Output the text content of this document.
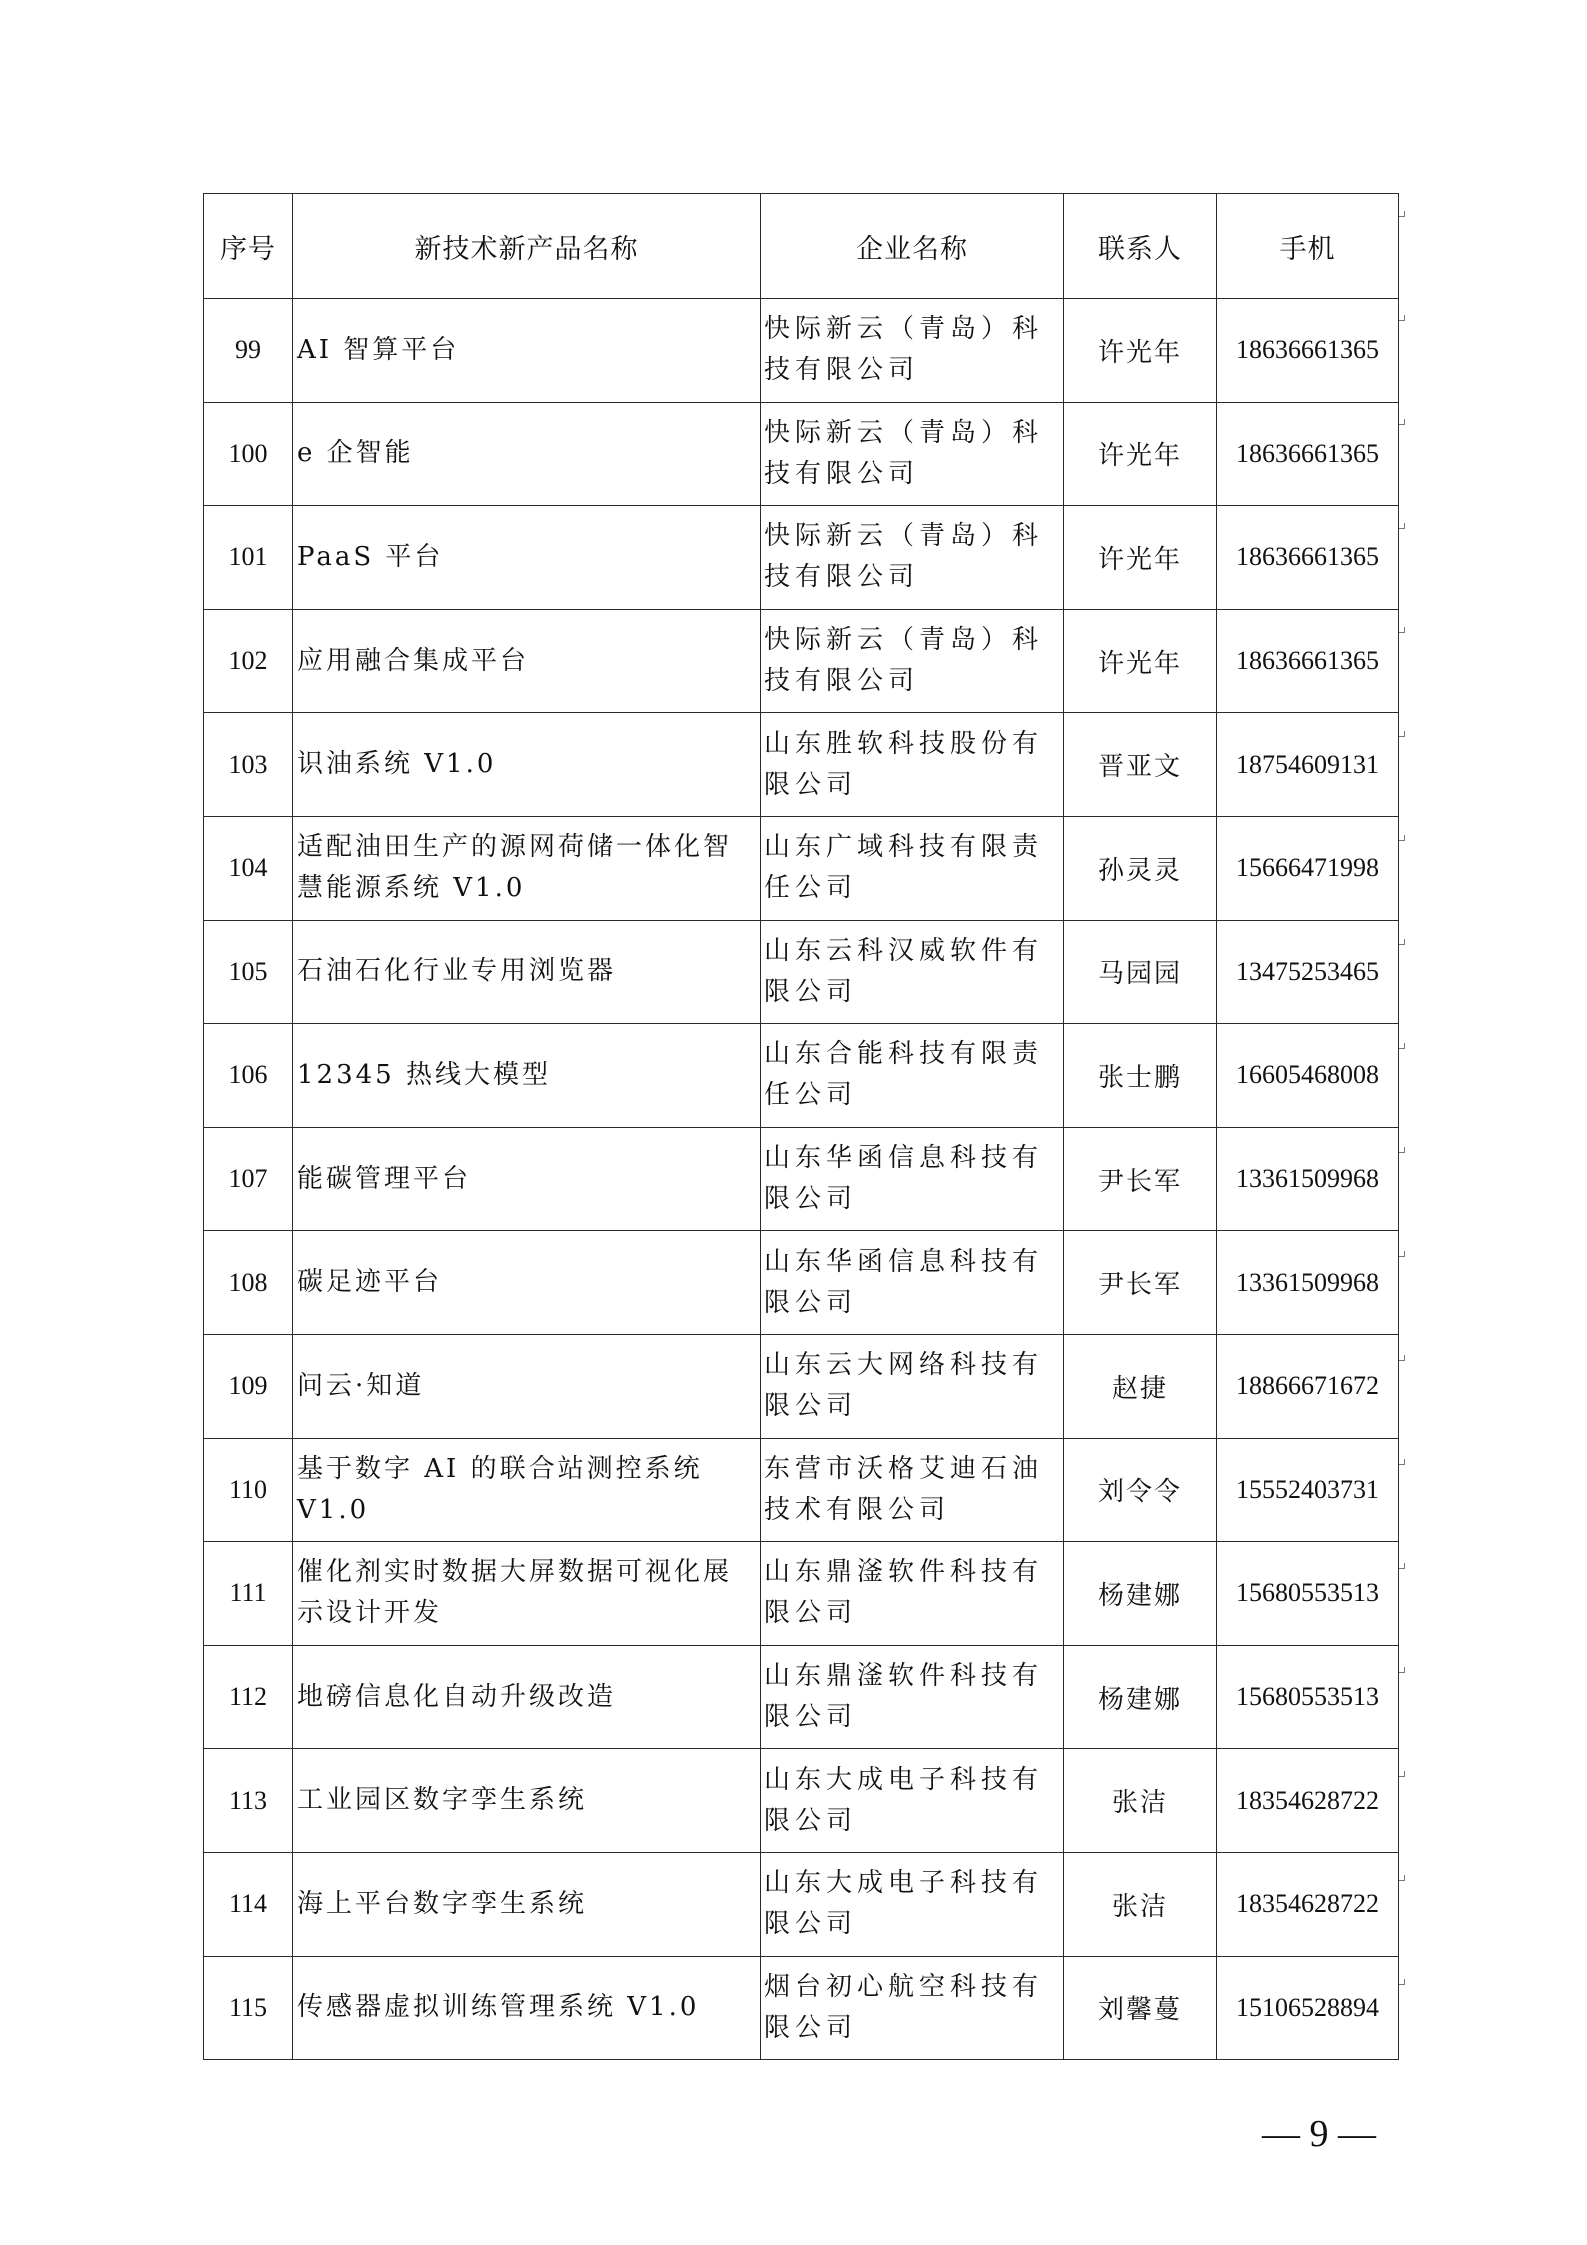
序号	新技术新产品名称	企业名称	联系人	手机
99	AI 智算平台	快际新云（青岛）科技有限公司	许光年	18636661365
100	e 企智能	快际新云（青岛）科技有限公司	许光年	18636661365
101	PaaS 平台	快际新云（青岛）科技有限公司	许光年	18636661365
102	应用融合集成平台	快际新云（青岛）科技有限公司	许光年	18636661365
103	识油系统 V1.0	山东胜软科技股份有限公司	晋亚文	18754609131
104	适配油田生产的源网荷储一体化智慧能源系统 V1.0	山东广域科技有限责任公司	孙灵灵	15666471998
105	石油石化行业专用浏览器	山东云科汉威软件有限公司	马园园	13475253465
106	12345 热线大模型	山东合能科技有限责任公司	张士鹏	16605468008
107	能碳管理平台	山东华函信息科技有限公司	尹长军	13361509968
108	碳足迹平台	山东华函信息科技有限公司	尹长军	13361509968
109	问云·知道	山东云大网络科技有限公司	赵捷	18866671672
110	基于数字 AI 的联合站测控系统 V1.0	东营市沃格艾迪石油技术有限公司	刘令令	15552403731
111	催化剂实时数据大屏数据可视化展示设计开发	山东鼎滏软件科技有限公司	杨建娜	15680553513
112	地磅信息化自动升级改造	山东鼎滏软件科技有限公司	杨建娜	15680553513
113	工业园区数字孪生系统	山东大成电子科技有限公司	张洁	18354628722
114	海上平台数字孪生系统	山东大成电子科技有限公司	张洁	18354628722
115	传感器虚拟训练管理系统 V1.0	烟台初心航空科技有限公司	刘馨蔓	15106528894
— 9 —
